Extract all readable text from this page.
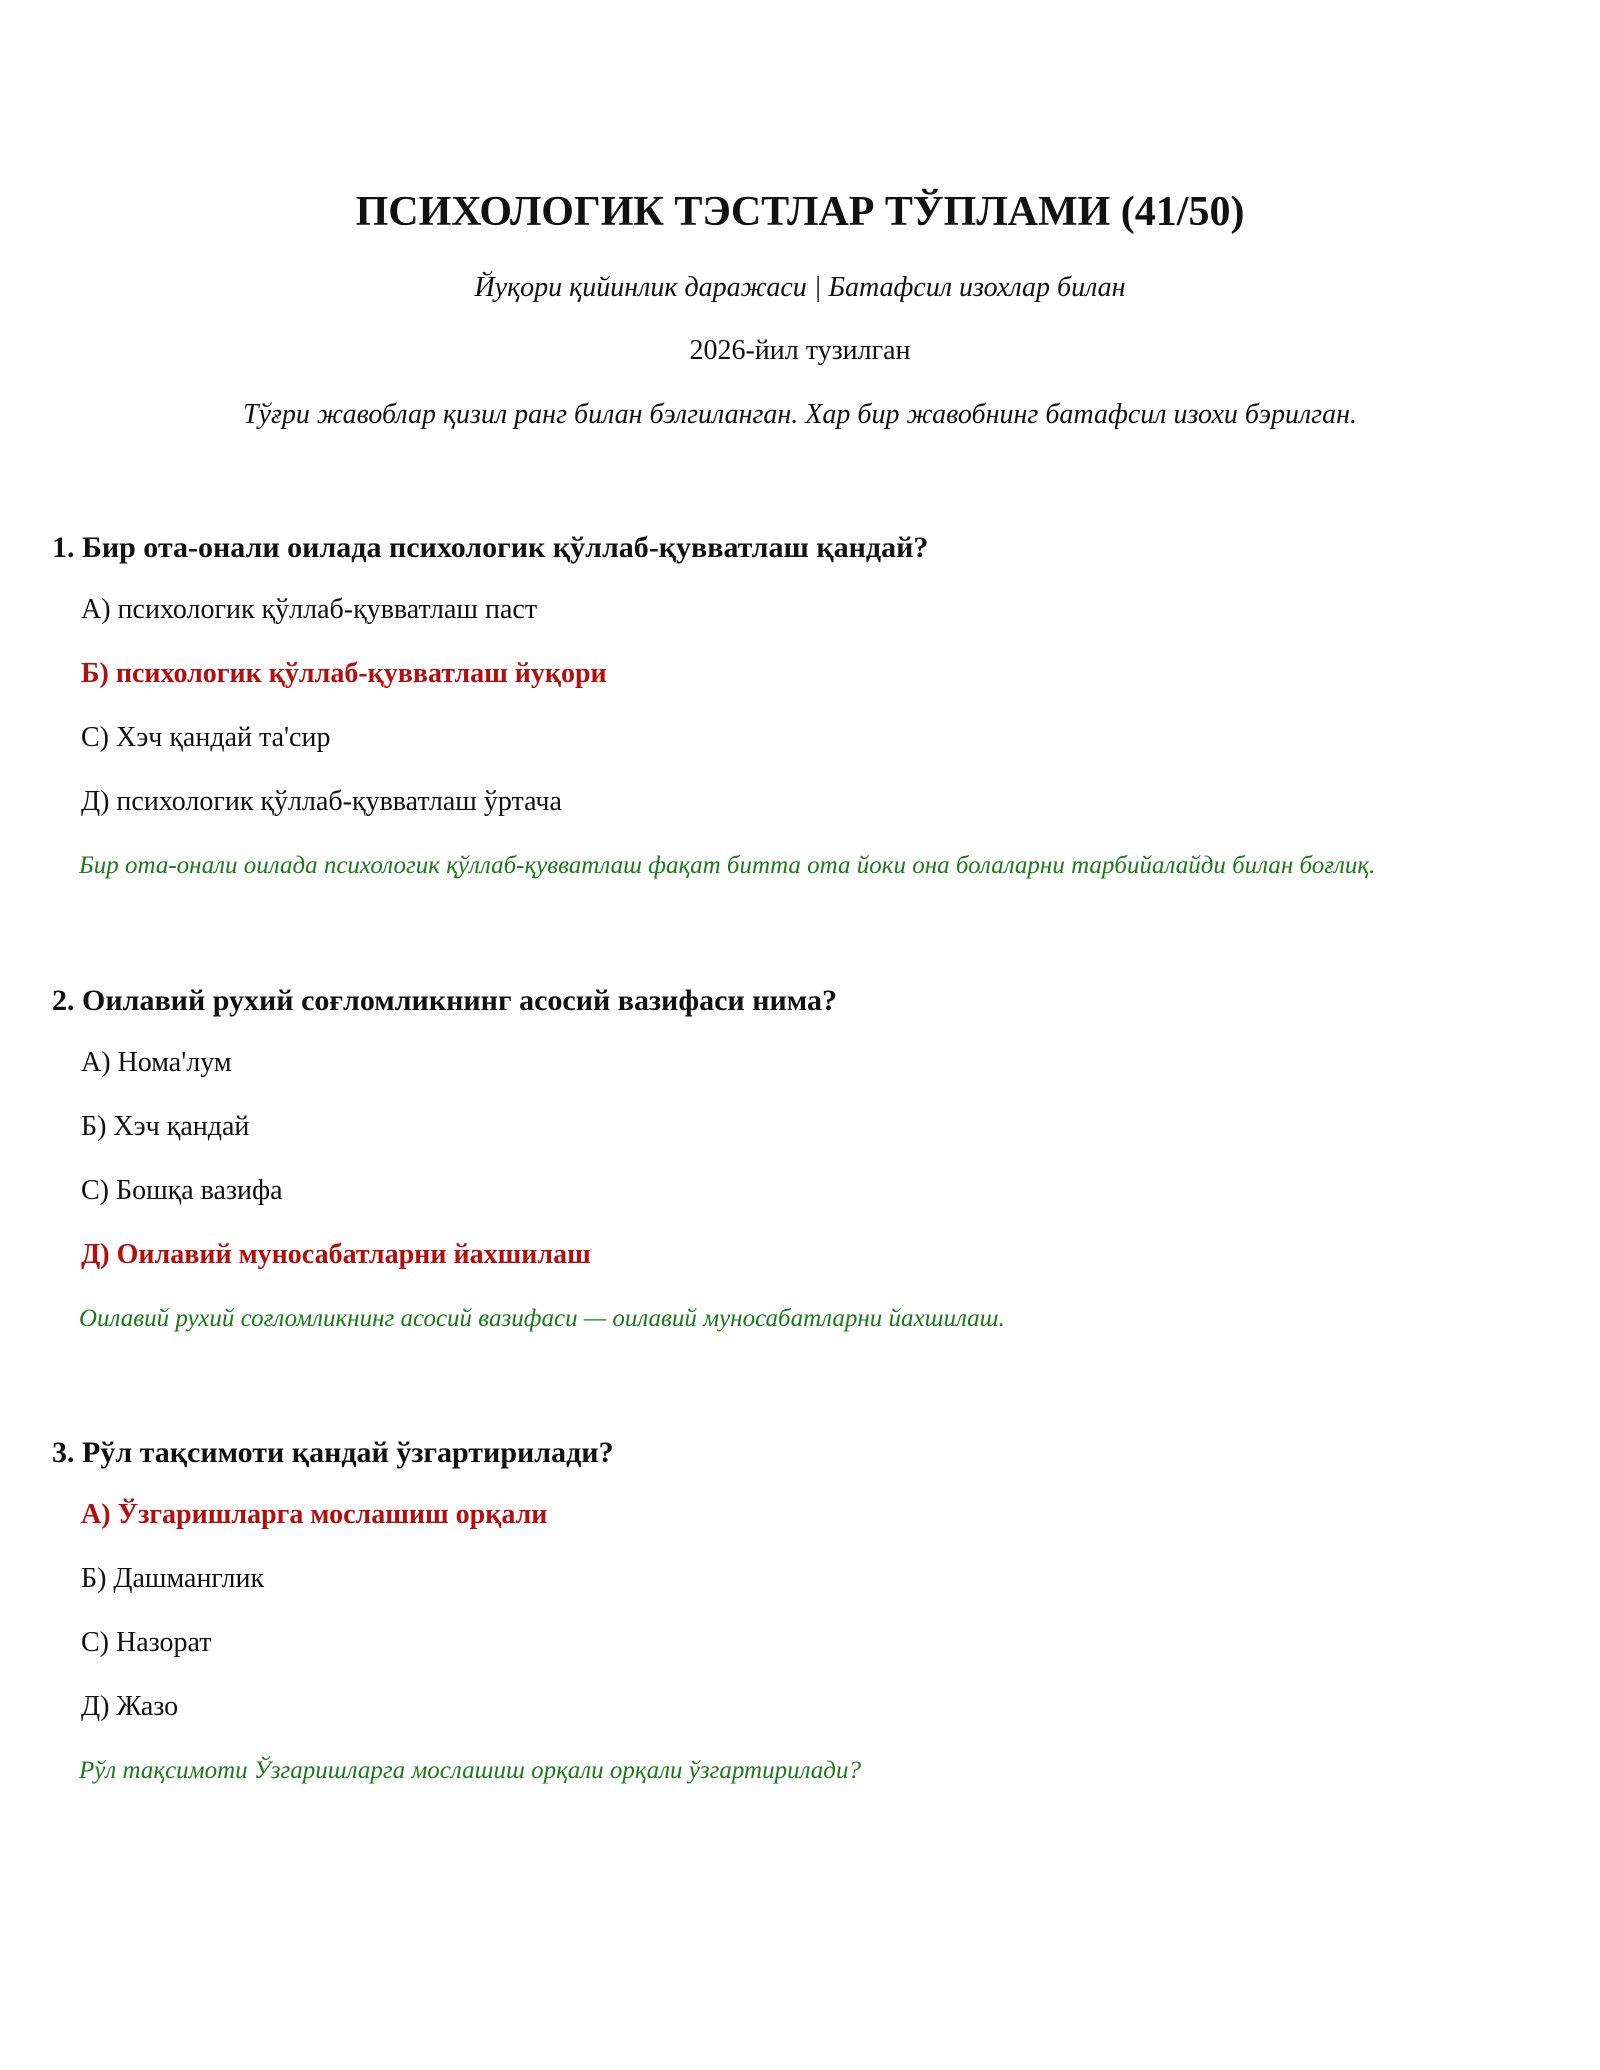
ПСИХОЛОГИК ТЭСТЛАР ТЎПЛАМИ (41/50)
Йуқори қийинлик даражаси | Батафсил изохлар билан
2026-йил тузилган
Тўғри жавоблар қизил ранг билан бэлгиланган. Хар бир жавобнинг батафсил изохи бэрилган.
1. Бир ота-онали оилада психологик қўллаб-қувватлаш қандай?
А) психологик қўллаб-қувватлаш паст
Б) психологик қўллаб-қувватлаш йуқори
С) Хэч қандай та'сир
Д) психологик қўллаб-қувватлаш ўртача
Бир ота-онали оилада психологик қўллаб-қувватлаш фақат битта ота йоки она болаларни тарбийалайди билан боғлиқ.
2. Оилавий рухий соғломликнинг асосий вазифаси нима?
А) Нома'лум
Б) Хэч қандай
С) Бошқа вазифа
Д) Оилавий муносабатларни йахшилаш
Оилавий рухий соғломликнинг асосий вазифаси — оилавий муносабатларни йахшилаш.
3. Рўл тақсимоти қандай ўзгартирилади?
А) Ўзгаришларга мослашиш орқали
Б) Дашманглик
С) Назорат
Д) Жазо
Рўл тақсимоти Ўзгаришларга мослашиш орқали орқали ўзгартирилади?
